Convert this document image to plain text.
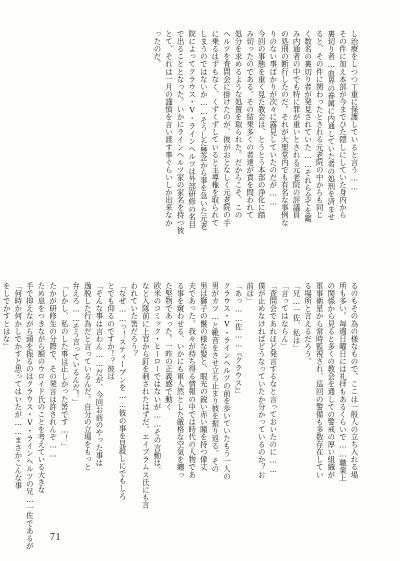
し治療をしつつ丁重に保護していると言う……
その件に加え本部が今までひた隠しにしていた身内から
裏切り者…血界の眷属に内通していた者の処刑を済ませ
ると、その件に関わったとされる元老院の中からも同じ
く数名の裏切り者が発見されていた……それら全てを鑑
み内通者の中でも特に罪が重いとされる元老院の評議員
の処刑の断行したのだ。それが大聖堂内でも有名な事例な
りのない事ばかりが次々に露見していたのだが……
今回の事態を重く見た教会は、とうとう本部の浄化に踏
み切ったのである。その結果多くの者達が責を問われて
処分を求めるような処置を取られた。だからこそ、この
ヘルツを査問会に掛けたのが、彼がおとなしく元老院の手
に乗るはずもなく、くずくずしていると主導権を取られて
しまうのではないか……そうした懸念から事を急いた元老
院によってクラウス・V・ラインヘルツは外部研修の名目
で出ることとなった。いかにラインヘルツ家の家名を持つ彼
とて、それは一月の謹慎を言い渡す事ぐらいしか出来なか
ったのだ。
るのもその為の様なもので、ここは一般人の立ち入れる場
所も多い。毎週日曜日には礼拝もあるくらいで……職業上
の関係から見ると多くの教会を通しての警戒の厚い組織が
軍事衛星から常時監視され、巡回の警備も多数存在してい
る場所と言えるだろう。
「兄…一佐、私は」
「言ってはならん」
「査問会であれほど発言するなと言っておいたのに……
僕が止めなければどうなっていたか分かっているのか？お
前は」
「あっ……佐……『クラウス』」
クラウス・V・ラインヘルツの前を歩いていたもう一人の
男がカツ…と靴音をさせ立ち止まり彼を振り返る。その
男は獅子の鬣の様な髪と、眼光の鋭い赤い瞳を持つ偉丈
夫であった。我々が持ち得る情報の中では時代の人物であ
る事を窺わせる、いかにも軍人然とした厳格な空気を纏っ
た堅物であった。一昨の正義感で動く
欧米のコミック・ヒーローではないが……その言動は、
なと入隊前に上官から釘を刺されたはずだ。エイブラムス氏にも言
われていた筈だろう？
「なぜ……っ！スティーブンを……彼の事を見殺しにでもしろ
とでも仰るのですか！？彼は
「そんな事は言わん……だが、今回お前のやった事は
逸脱した行為だと言っているんだ。自分の立場をもっと
弁えろ……そう言っているんだ！」
「しかし、私のした事は正しかった筈です…！」
たかが研修生の分際で、その発言は許されんぞ……
ため息をつきながら額のウロイド氏のことを考えている大きな
手で抑えながら頭を振るのはクラウス・V・ラインヘルツの兄…一佐であるが
「何時か何かしでかすと思ってはいたが……まさかこんな事
をしでかすとはな」
71
